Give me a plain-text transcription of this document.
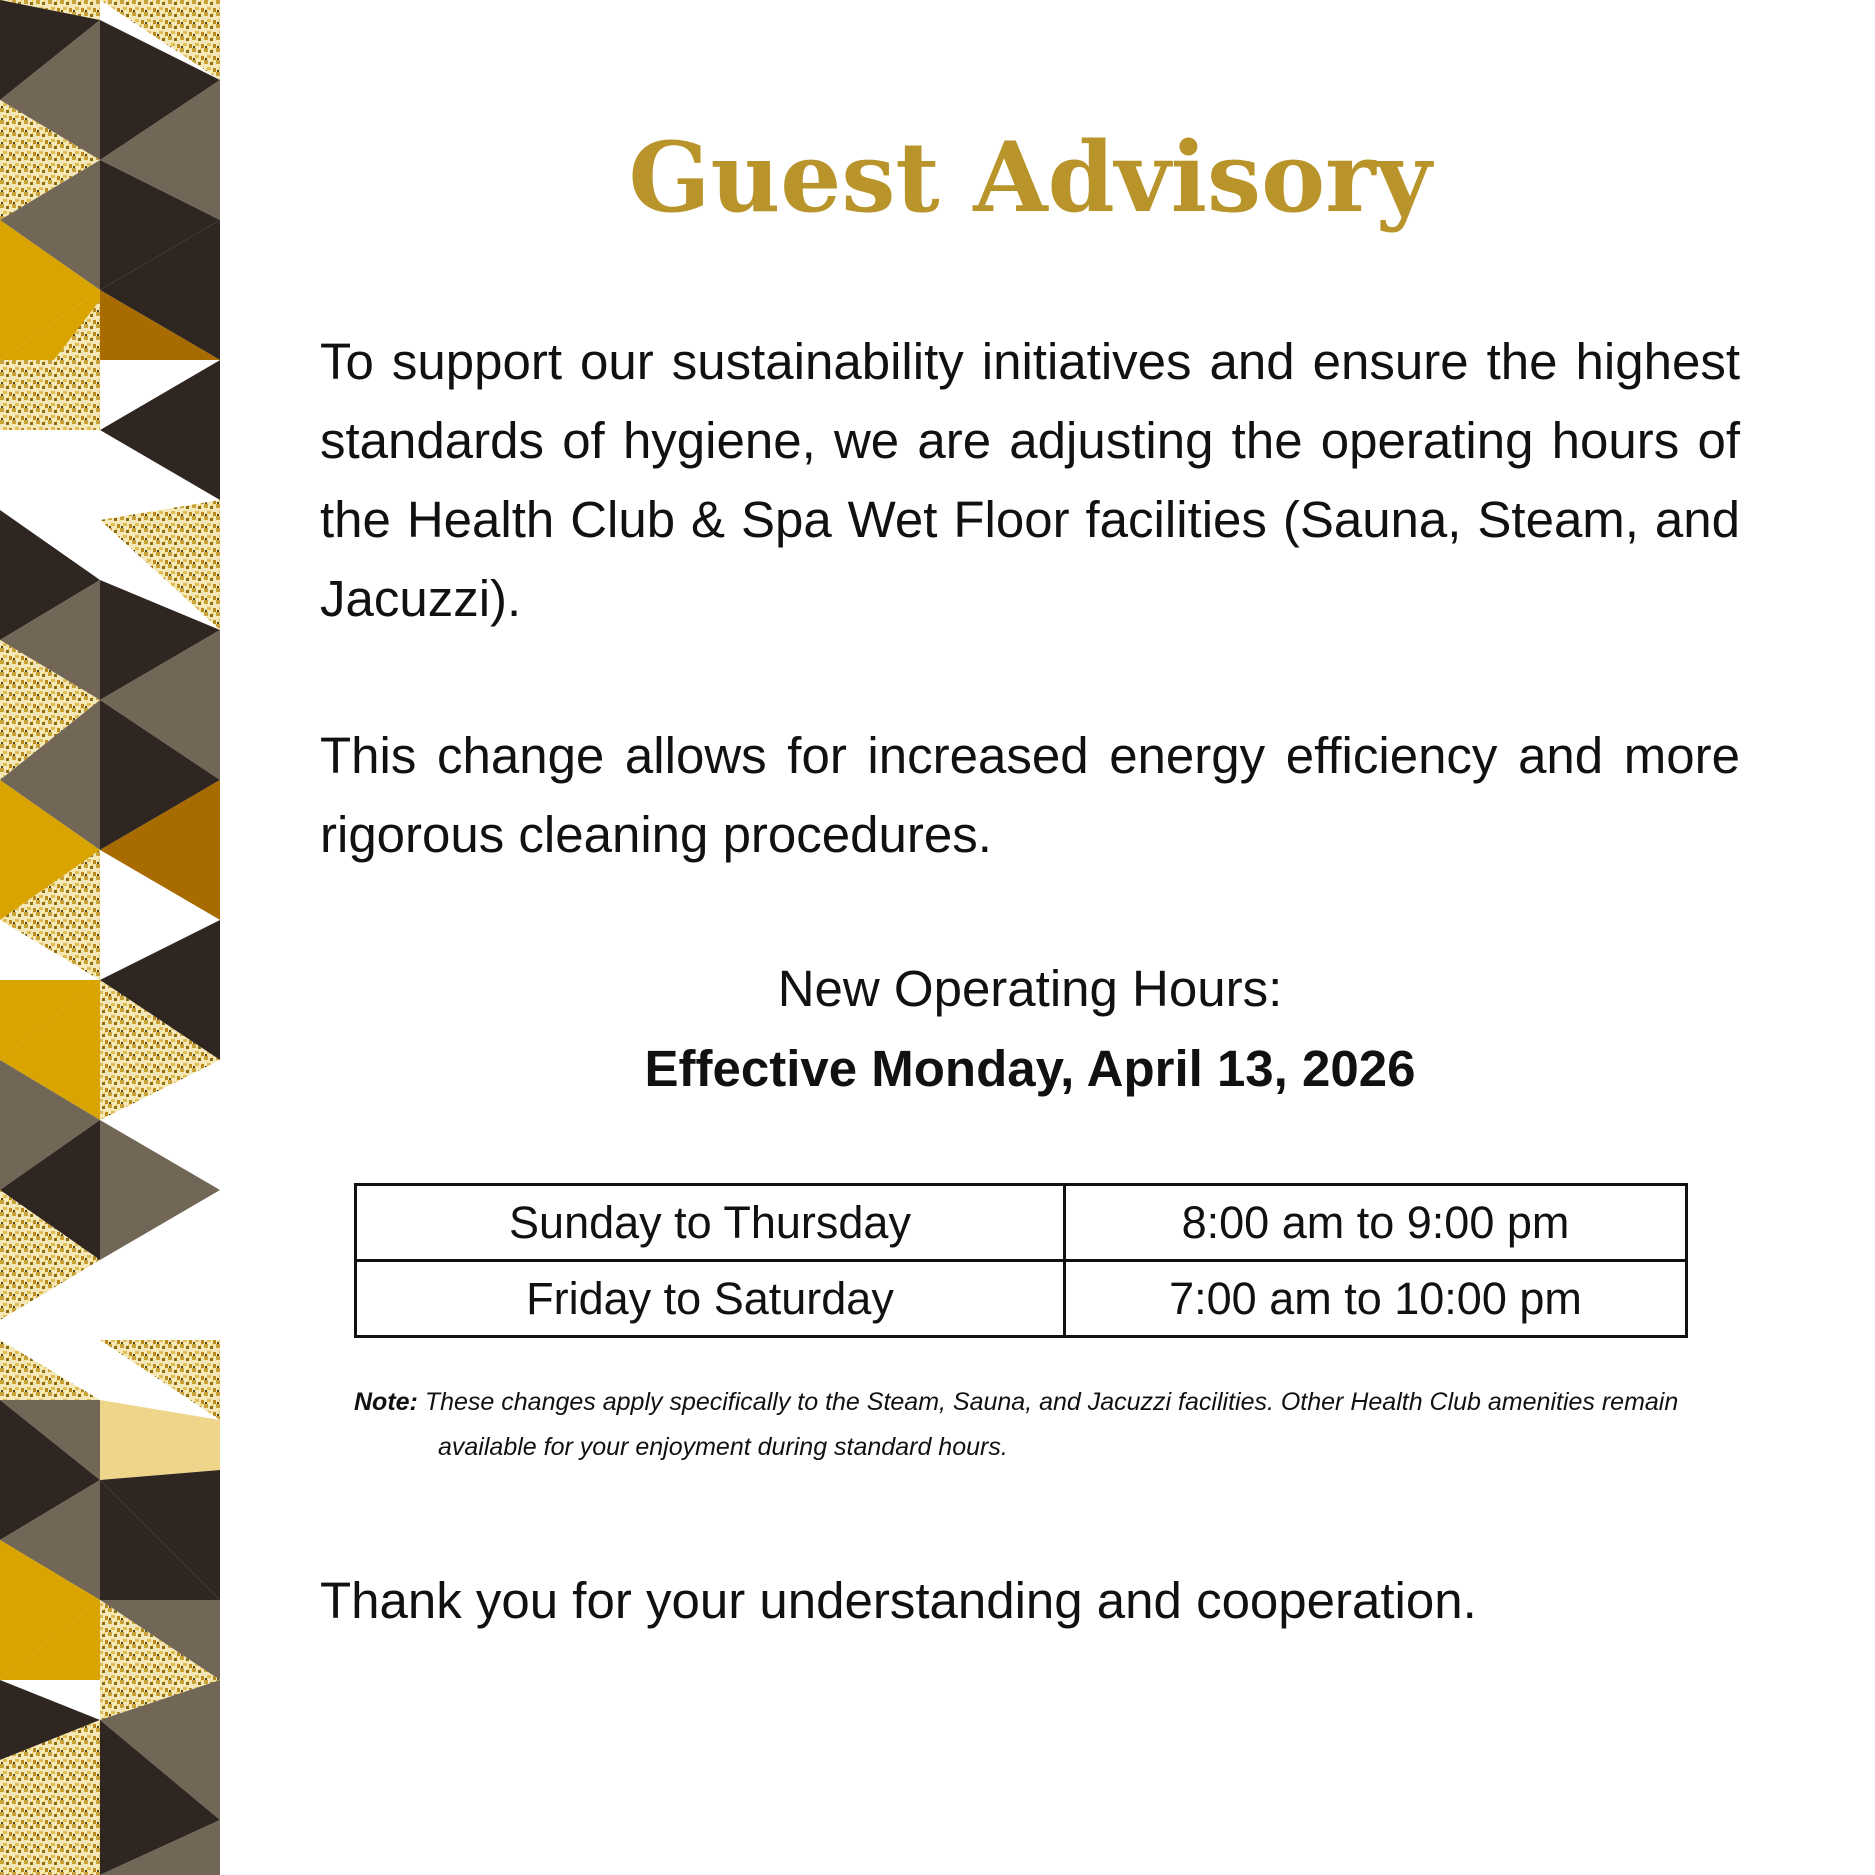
Guest Advisory

To support our sustainability initiatives and ensure the highest standards of hygiene, we are adjusting the operating hours of the Health Club & Spa Wet Floor facilities (Sauna, Steam, and Jacuzzi).

This change allows for increased energy efficiency and more rigorous cleaning procedures.

New Operating Hours:

Effective Monday, April 13, 2026

Sunday to Thursday	8:00 am to 9:00 pm
Friday to Saturday	7:00 am to 10:00 pm

Note: These changes apply specifically to the Steam, Sauna, and Jacuzzi facilities. Other Health Club amenities remain available for your enjoyment during standard hours.

Thank you for your understanding and cooperation.
